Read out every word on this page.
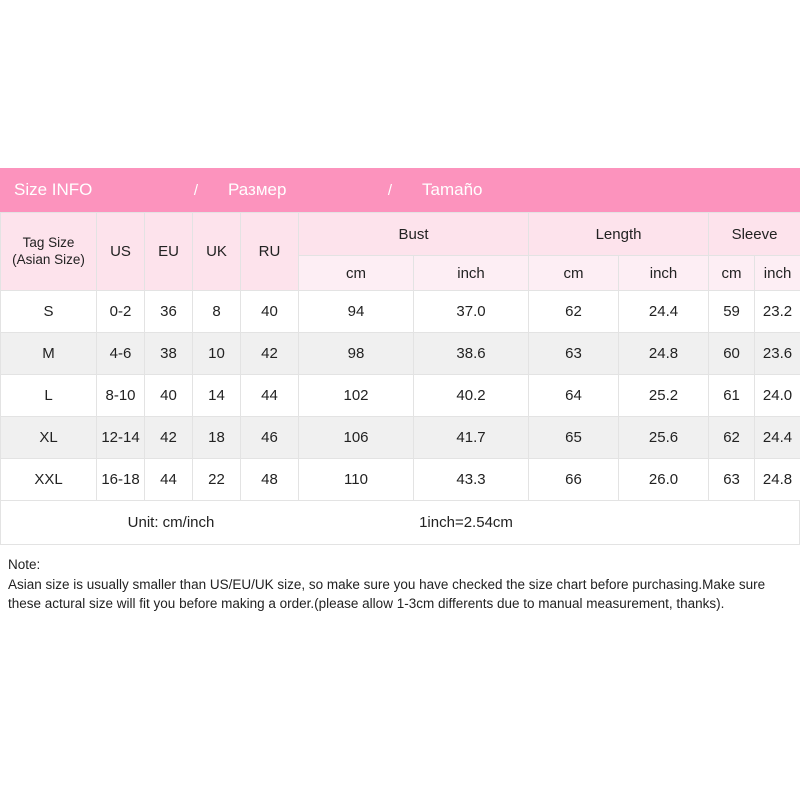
Size INFO	/	Размер	/	Tamaño
Tag Size
(Asian Size)	US	EU	UK	RU	Bust		Length		Sleeve	
					cm	inch	cm	inch	cm	inch
S	0-2	36	8	40	94	37.0	62	24.4	59	23.2
M	4-6	38	10	42	98	38.6	63	24.8	60	23.6
L	8-10	40	14	44	102	40.2	64	25.2	61	24.0
XL	12-14	42	18	46	106	41.7	65	25.6	62	24.4
XXL	16-18	44	22	48	110	43.3	66	26.0	63	24.8
Unit: cm/inch	1inch=2.54cm
Note:
Asian size is usually smaller than US/EU/UK size, so make sure you have checked the size chart before purchasing.Make sure these actural size will fit you before making a order.(please allow 1-3cm differents due to manual measurement, thanks).
